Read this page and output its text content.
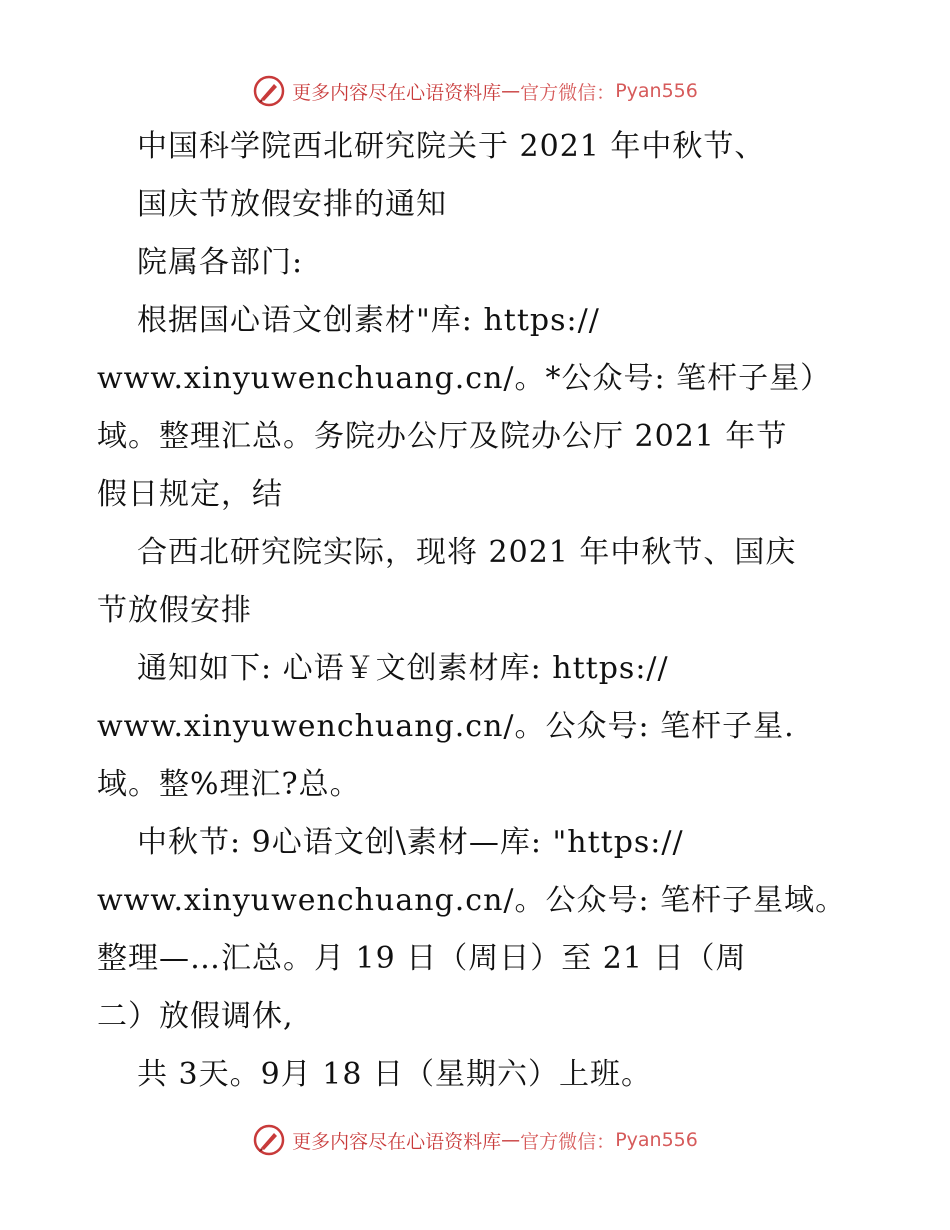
更多内容尽在心语资料库 — 官方微信： Pyan556
中国科学院西北研究院关于 2021 年中秋节、
国庆节放假安排的通知
院属各部门:
根据国心语文创素材"库: https://
www.xinyuwenchuang.cn/。*公众号: 笔杆子星）
域。整理汇总。务院办公厅及院办公厅 2021 年节
假日规定，结
合西北研究院实际，现将 2021 年中秋节、国庆
节放假安排
通知如下: 心语￥文创素材库: https://
www.xinyuwenchuang.cn/。公众号: 笔杆子星.
域。整%理汇?总。
中秋节: 9心语文创\素材—库: "https://
www.xinyuwenchuang.cn/。公众号: 笔杆子星域。
整理—…汇总。月 19 日（周日）至 21 日（周
二）放假调休,
共 3天。9月 18 日（星期六）上班。
更多内容尽在心语资料库 — 官方微信： Pyan556
